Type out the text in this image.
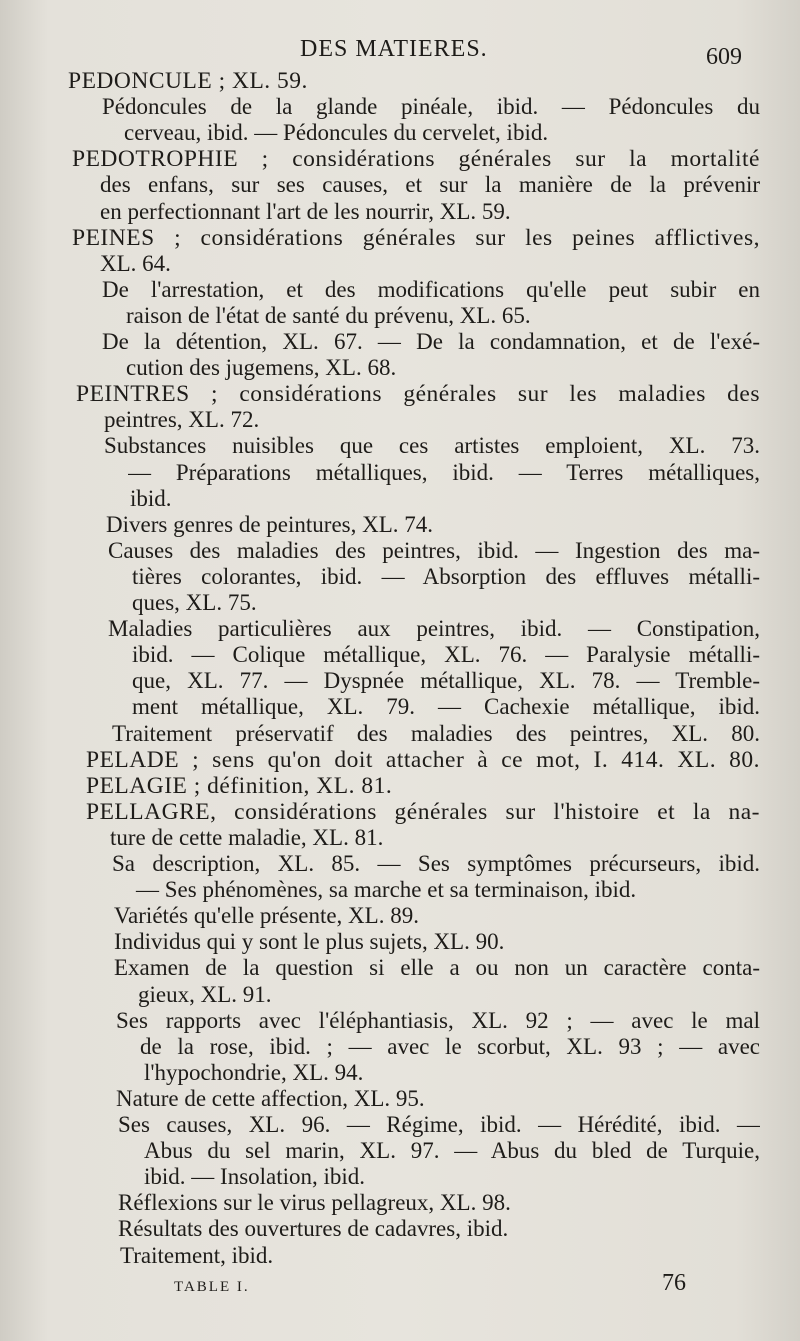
DES MATIERES.	609
PEDONCULE ; XL. 59.
Pédoncules de la glande pinéale, ibid. — Pédoncules du
cerveau, ibid. — Pédoncules du cervelet, ibid.
PEDOTROPHIE ; considérations générales sur la mortalité
des enfans, sur ses causes, et sur la manière de la prévenir
en perfectionnant l'art de les nourrir, XL. 59.
PEINES ; considérations générales sur les peines afflictives,
XL. 64.
De l'arrestation, et des modifications qu'elle peut subir en
raison de l'état de santé du prévenu, XL. 65.
De la détention, XL. 67. — De la condamnation, et de l'exé-
cution des jugemens, XL. 68.
PEINTRES ; considérations générales sur les maladies des
peintres, XL. 72.
Substances nuisibles que ces artistes emploient, XL. 73.
— Préparations métalliques, ibid. — Terres métalliques,
ibid.
Divers genres de peintures, XL. 74.
Causes des maladies des peintres, ibid. — Ingestion des ma-
tières colorantes, ibid. — Absorption des effluves métalli-
ques, XL. 75.
Maladies particulières aux peintres, ibid. — Constipation,
ibid. — Colique métallique, XL. 76. — Paralysie métalli-
que, XL. 77. — Dyspnée métallique, XL. 78. — Tremble-
ment métallique, XL. 79. — Cachexie métallique, ibid.
Traitement préservatif des maladies des peintres, XL. 80.
PELADE ; sens qu'on doit attacher à ce mot, I. 414. XL. 80.
PELAGIE ; définition, XL. 81.
PELLAGRE, considérations générales sur l'histoire et la na-
ture de cette maladie, XL. 81.
Sa description, XL. 85. — Ses symptômes précurseurs, ibid.
— Ses phénomènes, sa marche et sa terminaison, ibid.
Variétés qu'elle présente, XL. 89.
Individus qui y sont le plus sujets, XL. 90.
Examen de la question si elle a ou non un caractère conta-
gieux, XL. 91.
Ses rapports avec l'éléphantiasis, XL. 92 ; — avec le mal
de la rose, ibid. ; — avec le scorbut, XL. 93 ; — avec
l'hypochondrie, XL. 94.
Nature de cette affection, XL. 95.
Ses causes, XL. 96. — Régime, ibid. — Hérédité, ibid. —
Abus du sel marin, XL. 97. — Abus du bled de Turquie,
ibid. — Insolation, ibid.
Réflexions sur le virus pellagreux, XL. 98.
Résultats des ouvertures de cadavres, ibid.
Traitement, ibid.
TABLE I.	76
